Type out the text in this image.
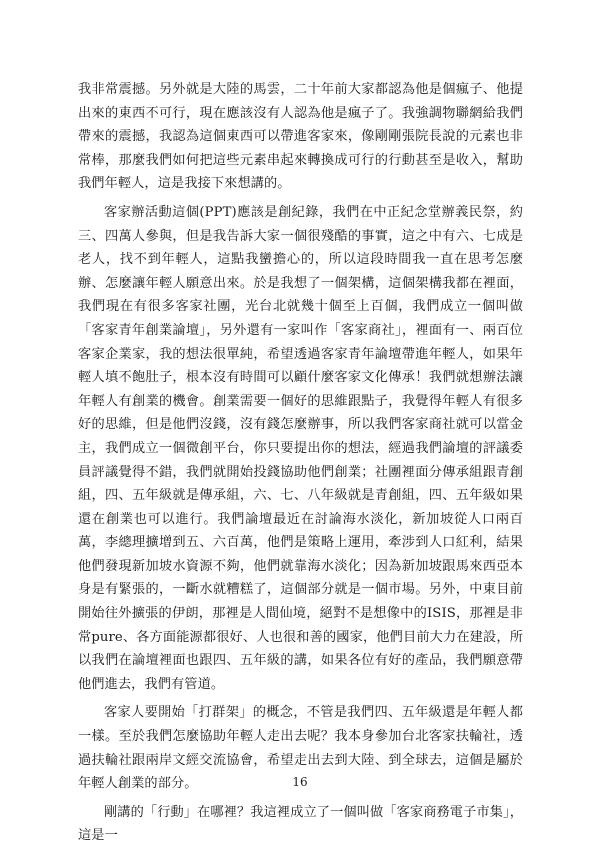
我非常震撼。另外就是大陸的馬雲，二十年前大家都認為他是個瘋子、他提出來的東西不可行，現在應該沒有人認為他是瘋子了。我強調物聯網給我們帶來的震撼，我認為這個東西可以帶進客家來，像剛剛張院長說的元素也非常棒，那麼我們如何把這些元素串起來轉換成可行的行動甚至是收入，幫助我們年輕人，這是我接下來想講的。

客家辦活動這個(PPT)應該是創紀錄，我們在中正紀念堂辦義民祭，約三、四萬人參與，但是我告訴大家一個很殘酷的事實，這之中有六、七成是老人，找不到年輕人，這點我蠻擔心的，所以這段時間我一直在思考怎麼辦、怎麼讓年輕人願意出來。於是我想了一個架構，這個架構我都在裡面，我們現在有很多客家社團，光台北就幾十個至上百個，我們成立一個叫做「客家青年創業論壇」，另外還有一家叫作「客家商社」，裡面有一、兩百位客家企業家，我的想法很單純，希望透過客家青年論壇帶進年輕人，如果年輕人填不飽肚子，根本沒有時間可以顧什麼客家文化傳承！我們就想辦法讓年輕人有創業的機會。創業需要一個好的思維跟點子，我覺得年輕人有很多好的思維，但是他們沒錢，沒有錢怎麼辦事，所以我們客家商社就可以當金主，我們成立一個微創平台，你只要提出你的想法，經過我們論壇的評議委員評議覺得不錯，我們就開始投錢協助他們創業；社團裡面分傳承組跟青創組，四、五年級就是傳承組，六、七、八年級就是青創組，四、五年級如果還在創業也可以進行。我們論壇最近在討論海水淡化，新加坡從人口兩百萬，李總理擴增到五、六百萬，他們是策略上運用，牽涉到人口紅利，結果他們發現新加坡水資源不夠，他們就靠海水淡化；因為新加坡跟馬來西亞本身是有緊張的，一斷水就糟糕了，這個部分就是一個市場。另外，中東目前開始往外擴張的伊朗，那裡是人間仙境，絕對不是想像中的ISIS，那裡是非常pure、各方面能源都很好、人也很和善的國家，他們目前大力在建設，所以我們在論壇裡面也跟四、五年級的講，如果各位有好的產品，我們願意帶他們進去，我們有管道。

客家人要開始「打群架」的概念，不管是我們四、五年級還是年輕人都一樣。至於我們怎麼協助年輕人走出去呢？我本身參加台北客家扶輪社，透過扶輪社跟兩岸文經交流協會，希望走出去到大陸、到全球去，這個是屬於年輕人創業的部分。

剛講的「行動」在哪裡？我這裡成立了一個叫做「客家商務電子市集」，這是一

16
